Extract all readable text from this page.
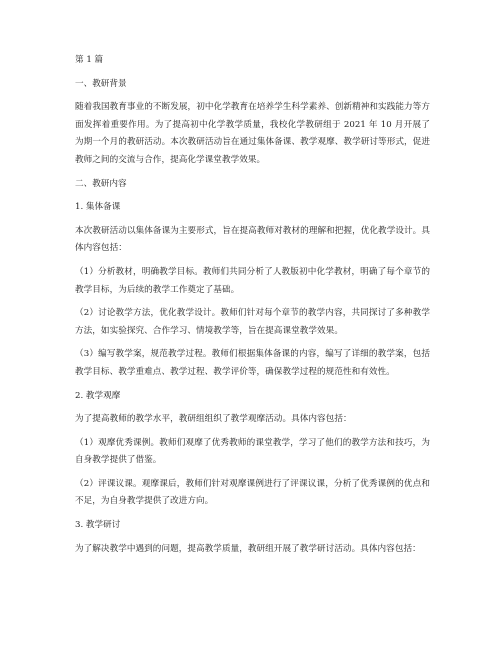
第 1 篇
一、教研背景
随着我国教育事业的不断发展，初中化学教育在培养学生科学素养、创新精神和实践能力等方面发挥着重要作用。为了提高初中化学教学质量，我校化学教研组于 2021 年 10 月开展了为期一个月的教研活动。本次教研活动旨在通过集体备课、教学观摩、教学研讨等形式，促进教师之间的交流与合作，提高化学课堂教学效果。
二、教研内容
1. 集体备课
本次教研活动以集体备课为主要形式，旨在提高教师对教材的理解和把握，优化教学设计。具体内容包括：
（1）分析教材，明确教学目标。教师们共同分析了人教版初中化学教材，明确了每个章节的教学目标，为后续的教学工作奠定了基础。
（2）讨论教学方法，优化教学设计。教师们针对每个章节的教学内容，共同探讨了多种教学方法，如实验探究、合作学习、情境教学等，旨在提高课堂教学效果。
（3）编写教学案，规范教学过程。教师们根据集体备课的内容，编写了详细的教学案，包括教学目标、教学重难点、教学过程、教学评价等，确保教学过程的规范性和有效性。
2. 教学观摩
为了提高教师的教学水平，教研组组织了教学观摩活动。具体内容包括：
（1）观摩优秀课例。教师们观摩了优秀教师的课堂教学，学习了他们的教学方法和技巧，为自身教学提供了借鉴。
（2）评课议课。观摩课后，教师们针对观摩课例进行了评课议课，分析了优秀课例的优点和不足，为自身教学提供了改进方向。
3. 教学研讨
为了解决教学中遇到的问题，提高教学质量，教研组开展了教学研讨活动。具体内容包括：
